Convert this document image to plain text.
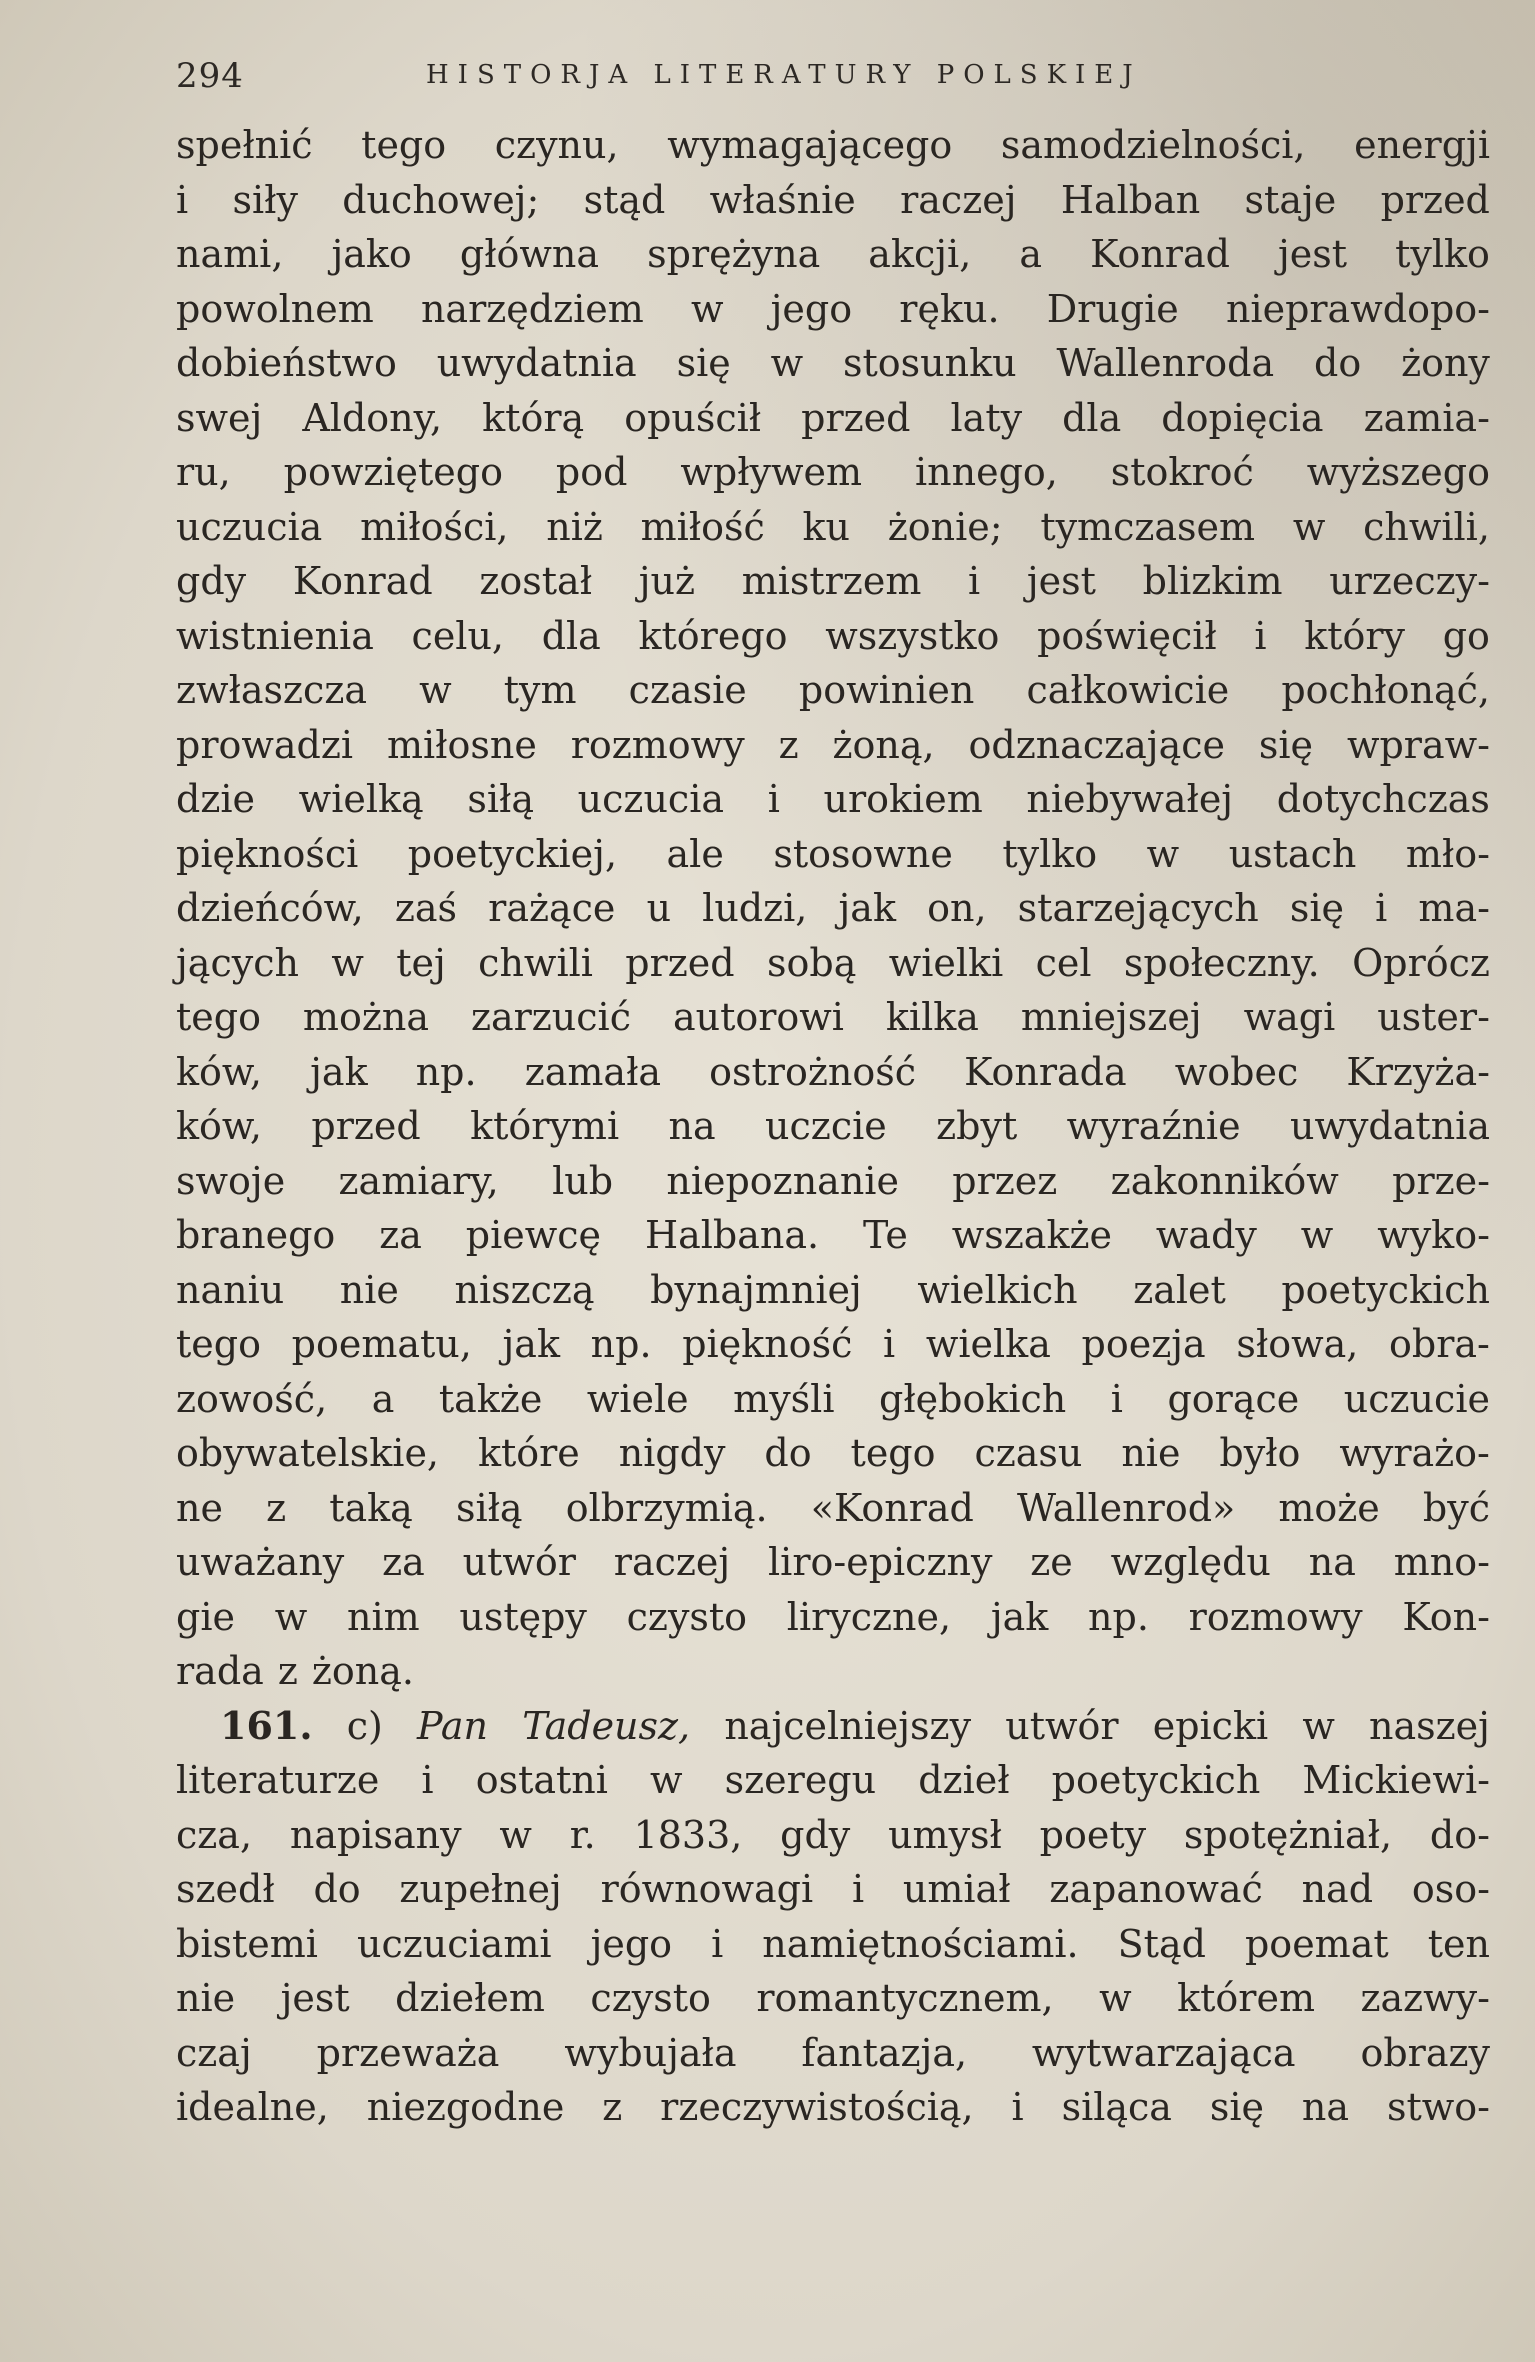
294	HISTORJA LITERATURY POLSKIEJ
spełnić tego czynu, wymagającego samodzielności, energji
i siły duchowej; stąd właśnie raczej Halban staje przed
nami, jako główna sprężyna akcji, a Konrad jest tylko
powolnem narzędziem w jego ręku. Drugie nieprawdopo-
dobieństwo uwydatnia się w stosunku Wallenroda do żony
swej Aldony, którą opuścił przed laty dla dopięcia zamia-
ru, powziętego pod wpływem innego, stokroć wyższego
uczucia miłości, niż miłość ku żonie; tymczasem w chwili,
gdy Konrad został już mistrzem i jest blizkim urzeczy-
wistnienia celu, dla którego wszystko poświęcił i który go
zwłaszcza w tym czasie powinien całkowicie pochłonąć,
prowadzi miłosne rozmowy z żoną, odznaczające się wpraw-
dzie wielką siłą uczucia i urokiem niebywałej dotychczas
piękności poetyckiej, ale stosowne tylko w ustach mło-
dzieńców, zaś rażące u ludzi, jak on, starzejących się i ma-
jących w tej chwili przed sobą wielki cel społeczny. Oprócz
tego można zarzucić autorowi kilka mniejszej wagi uster-
ków, jak np. zamała ostrożność Konrada wobec Krzyża-
ków, przed którymi na uczcie zbyt wyraźnie uwydatnia
swoje zamiary, lub niepoznanie przez zakonników prze-
branego za piewcę Halbana. Te wszakże wady w wyko-
naniu nie niszczą bynajmniej wielkich zalet poetyckich
tego poematu, jak np. piękność i wielka poezja słowa, obra-
zowość, a także wiele myśli głębokich i gorące uczucie
obywatelskie, które nigdy do tego czasu nie było wyrażo-
ne z taką siłą olbrzymią. «Konrad Wallenrod» może być
uważany za utwór raczej liro-epiczny ze względu na mno-
gie w nim ustępy czysto liryczne, jak np. rozmowy Kon-
rada z żoną.
161. c) Pan Tadeusz, najcelniejszy utwór epicki w naszej
literaturze i ostatni w szeregu dzieł poetyckich Mickiewi-
cza, napisany w r. 1833, gdy umysł poety spotężniał, do-
szedł do zupełnej równowagi i umiał zapanować nad oso-
bistemi uczuciami jego i namiętnościami. Stąd poemat ten
nie jest dziełem czysto romantycznem, w którem zazwy-
czaj przeważa wybujała fantazja, wytwarzająca obrazy
idealne, niezgodne z rzeczywistością, i siląca się na stwo-
